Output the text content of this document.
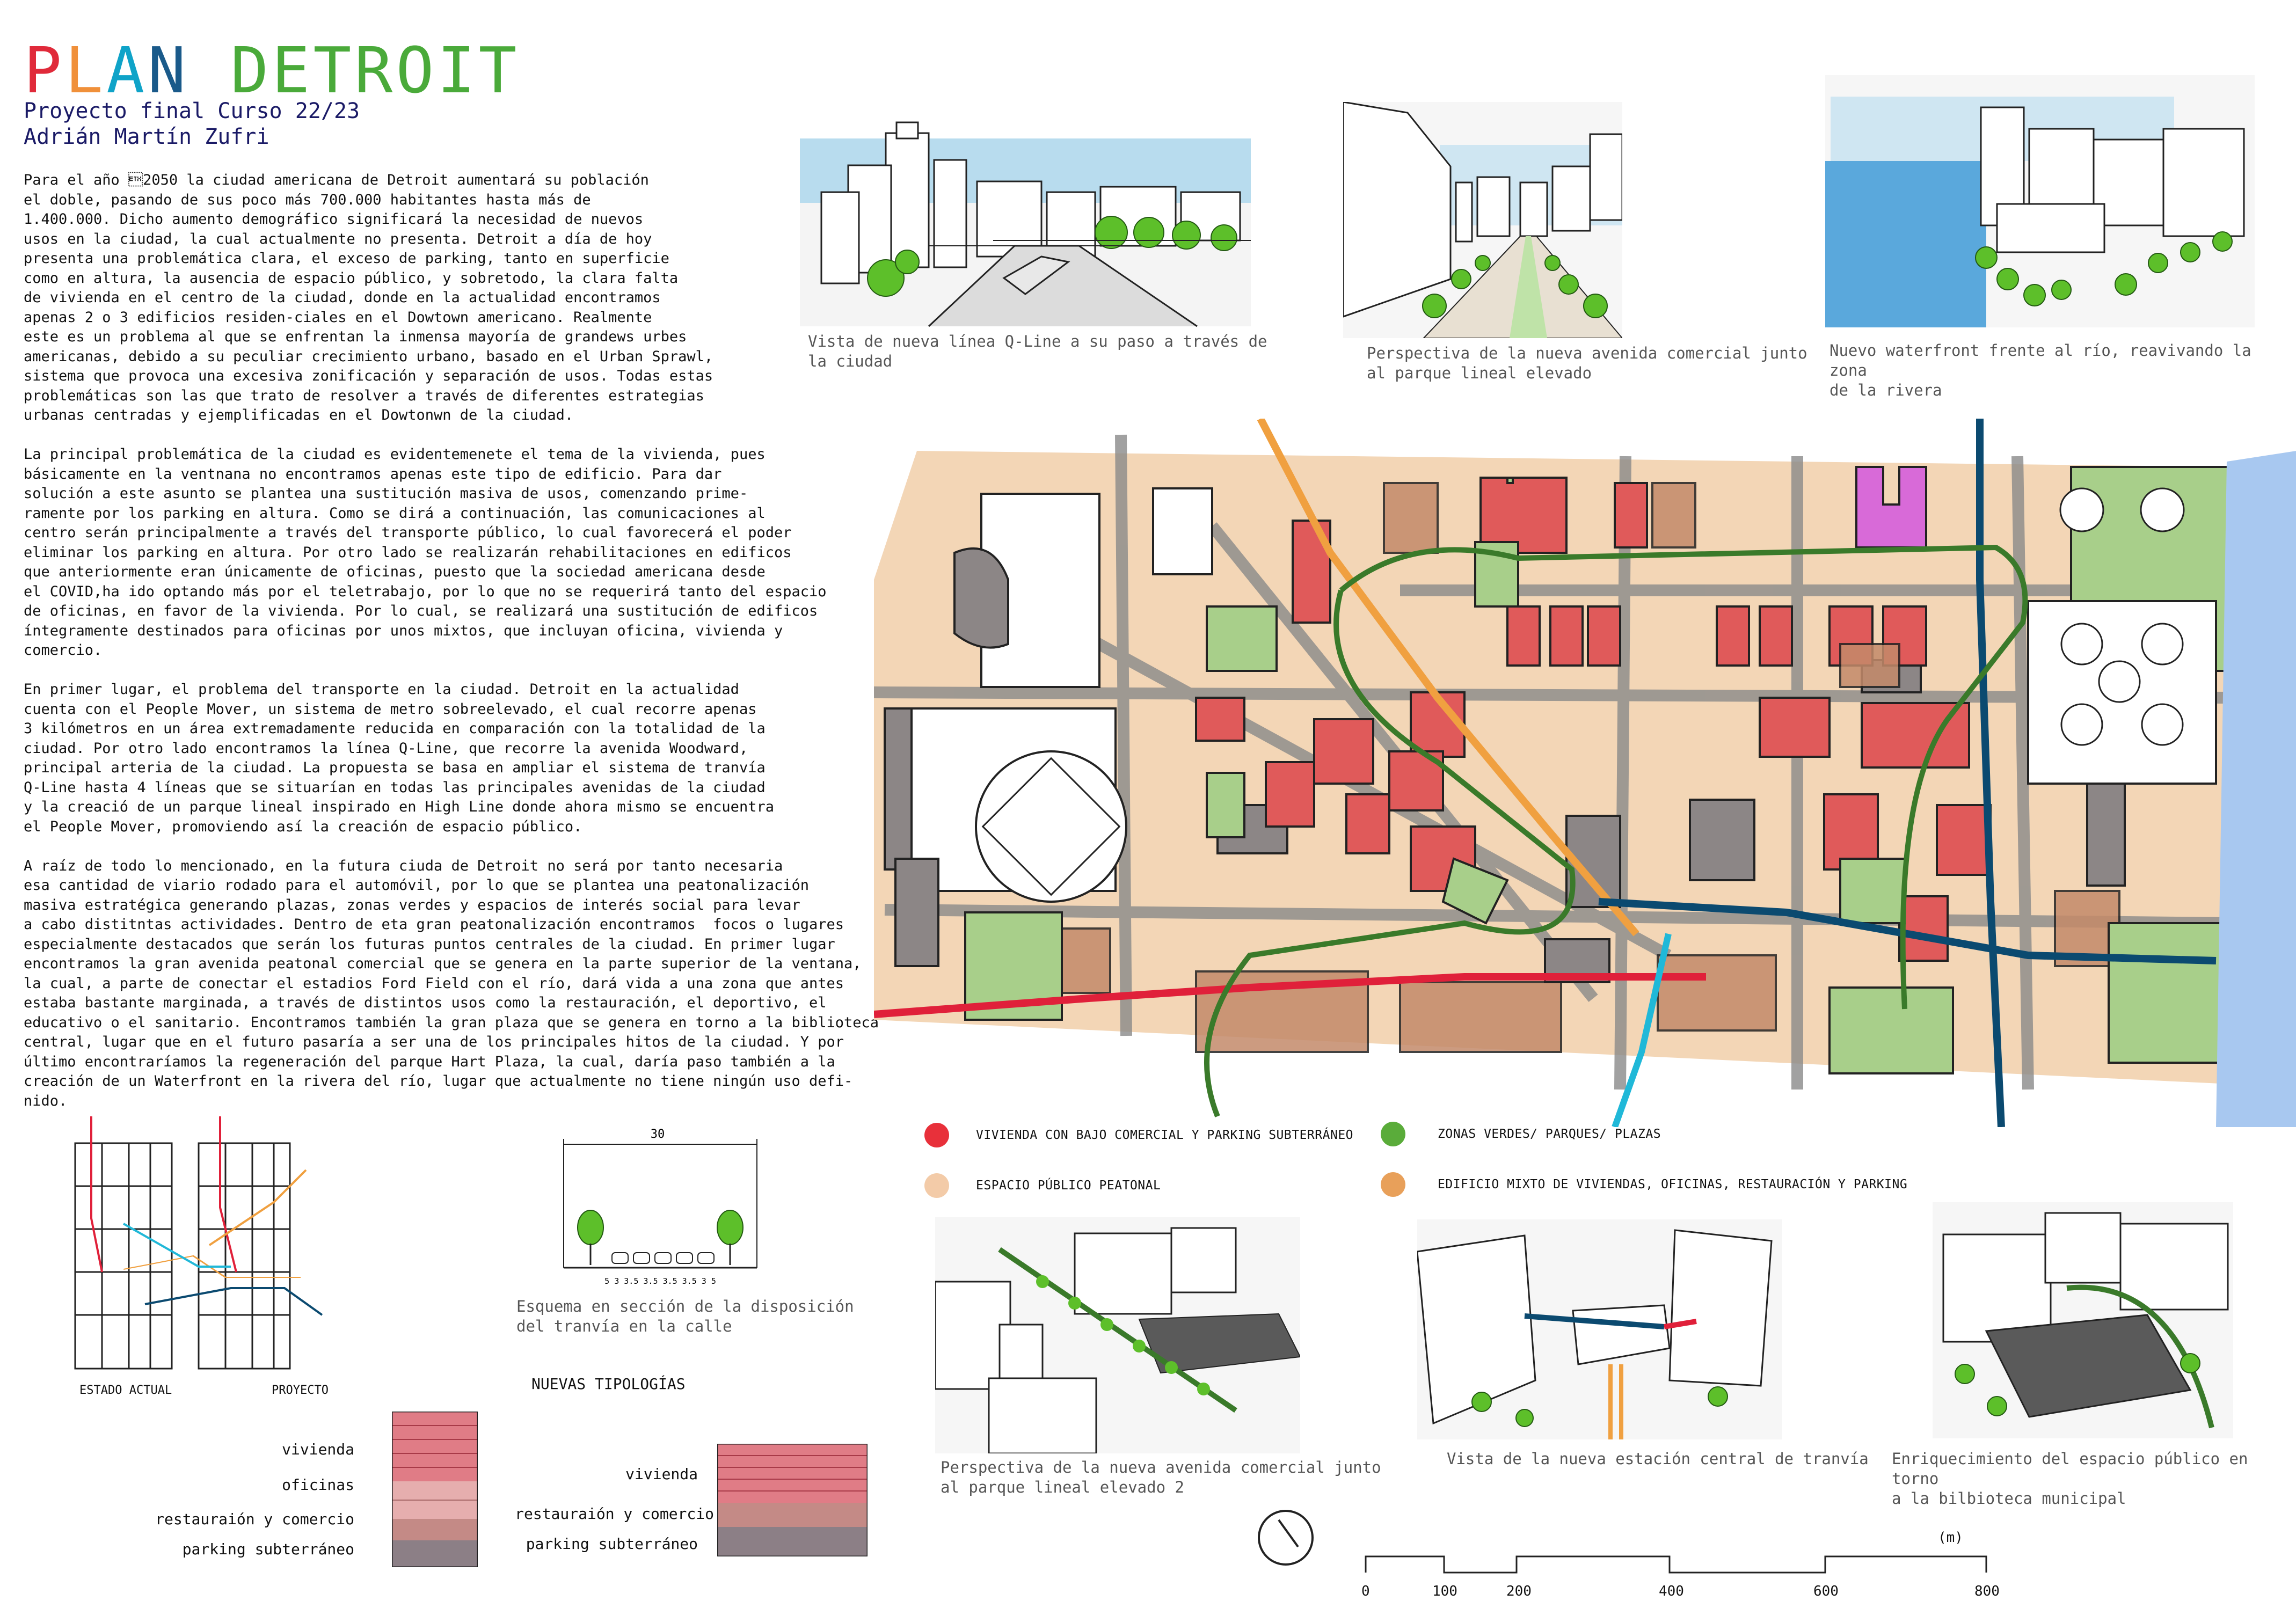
PLAN DETROIT
Proyecto final Curso 22/23
Adrián Martín Zufri

Para el año 2050 la ciudad americana de Detroit aumentará su población
el doble, pasando de sus poco más 700.000 habitantes hasta más de
1.400.000. Dicho aumento demográfico significará la necesidad de nuevos
usos en la ciudad, la cual actualmente no presenta. Detroit a día de hoy
presenta una problemática clara, el exceso de parking, tanto en superficie
como en altura, la ausencia de espacio público, y sobretodo, la clara falta
de vivienda en el centro de la ciudad, donde en la actualidad encontramos
apenas 2 o 3 edificios residen-ciales en el Dowtown americano. Realmente
este es un problema al que se enfrentan la inmensa mayoría de grandews urbes
americanas, debido a su peculiar crecimiento urbano, basado en el Urban Sprawl,
sistema que provoca una excesiva zonificación y separación de usos. Todas estas
problemáticas son las que trato de resolver a través de diferentes estrategias
urbanas centradas y ejemplificadas en el Dowtonwn de la ciudad.

La principal problemática de la ciudad es evidentemenete el tema de la vivienda, pues
básicamente en la ventnana no encontramos apenas este tipo de edificio. Para dar
solución a este asunto se plantea una sustitución masiva de usos, comenzando prime-
ramente por los parking en altura. Como se dirá a continuación, las comunicaciones al
centro serán principalmente a través del transporte público, lo cual favorecerá el poder
eliminar los parking en altura. Por otro lado se realizarán rehabilitaciones en edificos
que anteriormente eran únicamente de oficinas, puesto que la sociedad americana desde
el COVID,ha ido optando más por el teletrabajo, por lo que no se requerirá tanto del espacio
de oficinas, en favor de la vivienda. Por lo cual, se realizará una sustitución de edificos
íntegramente destinados para oficinas por unos mixtos, que incluyan oficina, vivienda y
comercio.

En primer lugar, el problema del transporte en la ciudad. Detroit en la actualidad
cuenta con el People Mover, un sistema de metro sobreelevado, el cual recorre apenas
3 kilómetros en un área extremadamente reducida en comparación con la totalidad de la
ciudad. Por otro lado encontramos la línea Q-Line, que recorre la avenida Woodward,
principal arteria de la ciudad. La propuesta se basa en ampliar el sistema de tranvía
Q-Line hasta 4 líneas que se situarían en todas las principales avenidas de la ciudad
y la creació de un parque lineal inspirado en High Line donde ahora mismo se encuentra
el People Mover, promoviendo así la creación de espacio público.

A raíz de todo lo mencionado, en la futura ciuda de Detroit no será por tanto necesaria
esa cantidad de viario rodado para el automóvil, por lo que se plantea una peatonalización
masiva estratégica generando plazas, zonas verdes y espacios de interés social para levar
a cabo distitntas actividades. Dentro de eta gran peatonalización encontramos  focos o lugares
especialmente destacados que serán los futuras puntos centrales de la ciudad. En primer lugar
encontramos la gran avenida peatonal comercial que se genera en la parte superior de la ventana,
la cual, a parte de conectar el estadios Ford Field con el río, dará vida a una zona que antes
estaba bastante marginada, a través de distintos usos como la restauración, el deportivo, el
educativo o el sanitario. Encontramos también la gran plaza que se genera en torno a la biblioteca
central, lugar que en el futuro pasaría a ser una de los principales hitos de la ciudad. Y por
último encontraríamos la regeneración del parque Hart Plaza, la cual, daría paso también a la
creación de un Waterfront en la rivera del río, lugar que actualmente no tiene ningún uso defi-
nido.

Vista de nueva línea Q-Line a su paso a través de
la ciudad	Perspectiva de la nueva avenida comercial junto
al parque lineal elevado
Nuevo waterfront frente al río, reavivando la zona
de la rivera
VIVIENDA CON BAJO COMERCIAL Y PARKING SUBTERRÁNEO	ZONAS VERDES/ PARQUES/ PLAZAS
ESPACIO PÚBLICO PEATONAL	EDIFICIO MIXTO DE VIVIENDAS, OFICINAS, RESTAURACIÓN Y PARKING
Perspectiva de la nueva avenida comercial junto
al parque lineal elevado 2
Vista de la nueva estación central de tranvía Enriquecimiento del espacio público en torno
a la bilbioteca municipal
ESTADO ACTUAL	PROYECTO
30
5 3 3.5 3.5 3.5 3.5 3 5
Esquema en sección de la disposición
del tranvía en la calle
NUEVAS TIPOLOGÍAS
vivienda
oficinas
restauraión y comercio
parking subterráneo
vivienda
restauraión y comercio
parking subterráneo	(m)
0	100	200	400	600	800
